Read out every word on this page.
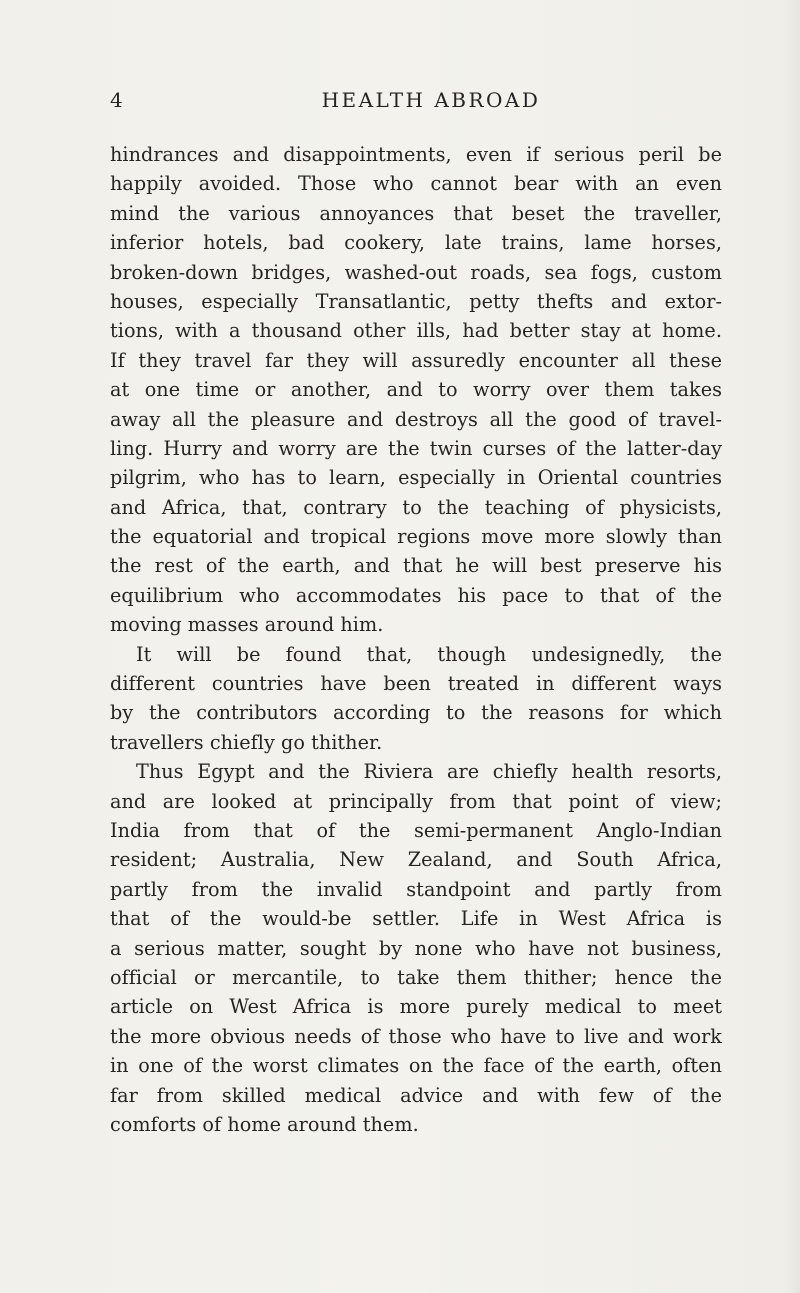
4	HEALTH ABROAD
hindrances and disappointments, even if serious peril be
happily avoided. Those who cannot bear with an even
mind the various annoyances that beset the traveller,
inferior hotels, bad cookery, late trains, lame horses,
broken-down bridges, washed-out roads, sea fogs, custom
houses, especially Transatlantic, petty thefts and extor-
tions, with a thousand other ills, had better stay at home.
If they travel far they will assuredly encounter all these
at one time or another, and to worry over them takes
away all the pleasure and destroys all the good of travel-
ling. Hurry and worry are the twin curses of the latter-day
pilgrim, who has to learn, especially in Oriental countries
and Africa, that, contrary to the teaching of physicists,
the equatorial and tropical regions move more slowly than
the rest of the earth, and that he will best preserve his
equilibrium who accommodates his pace to that of the
moving masses around him.
It will be found that, though undesignedly, the
different countries have been treated in different ways
by the contributors according to the reasons for which
travellers chiefly go thither.
Thus Egypt and the Riviera are chiefly health resorts,
and are looked at principally from that point of view;
India from that of the semi-permanent Anglo-Indian
resident; Australia, New Zealand, and South Africa,
partly from the invalid standpoint and partly from
that of the would-be settler. Life in West Africa is
a serious matter, sought by none who have not business,
official or mercantile, to take them thither; hence the
article on West Africa is more purely medical to meet
the more obvious needs of those who have to live and work
in one of the worst climates on the face of the earth, often
far from skilled medical advice and with few of the
comforts of home around them.
